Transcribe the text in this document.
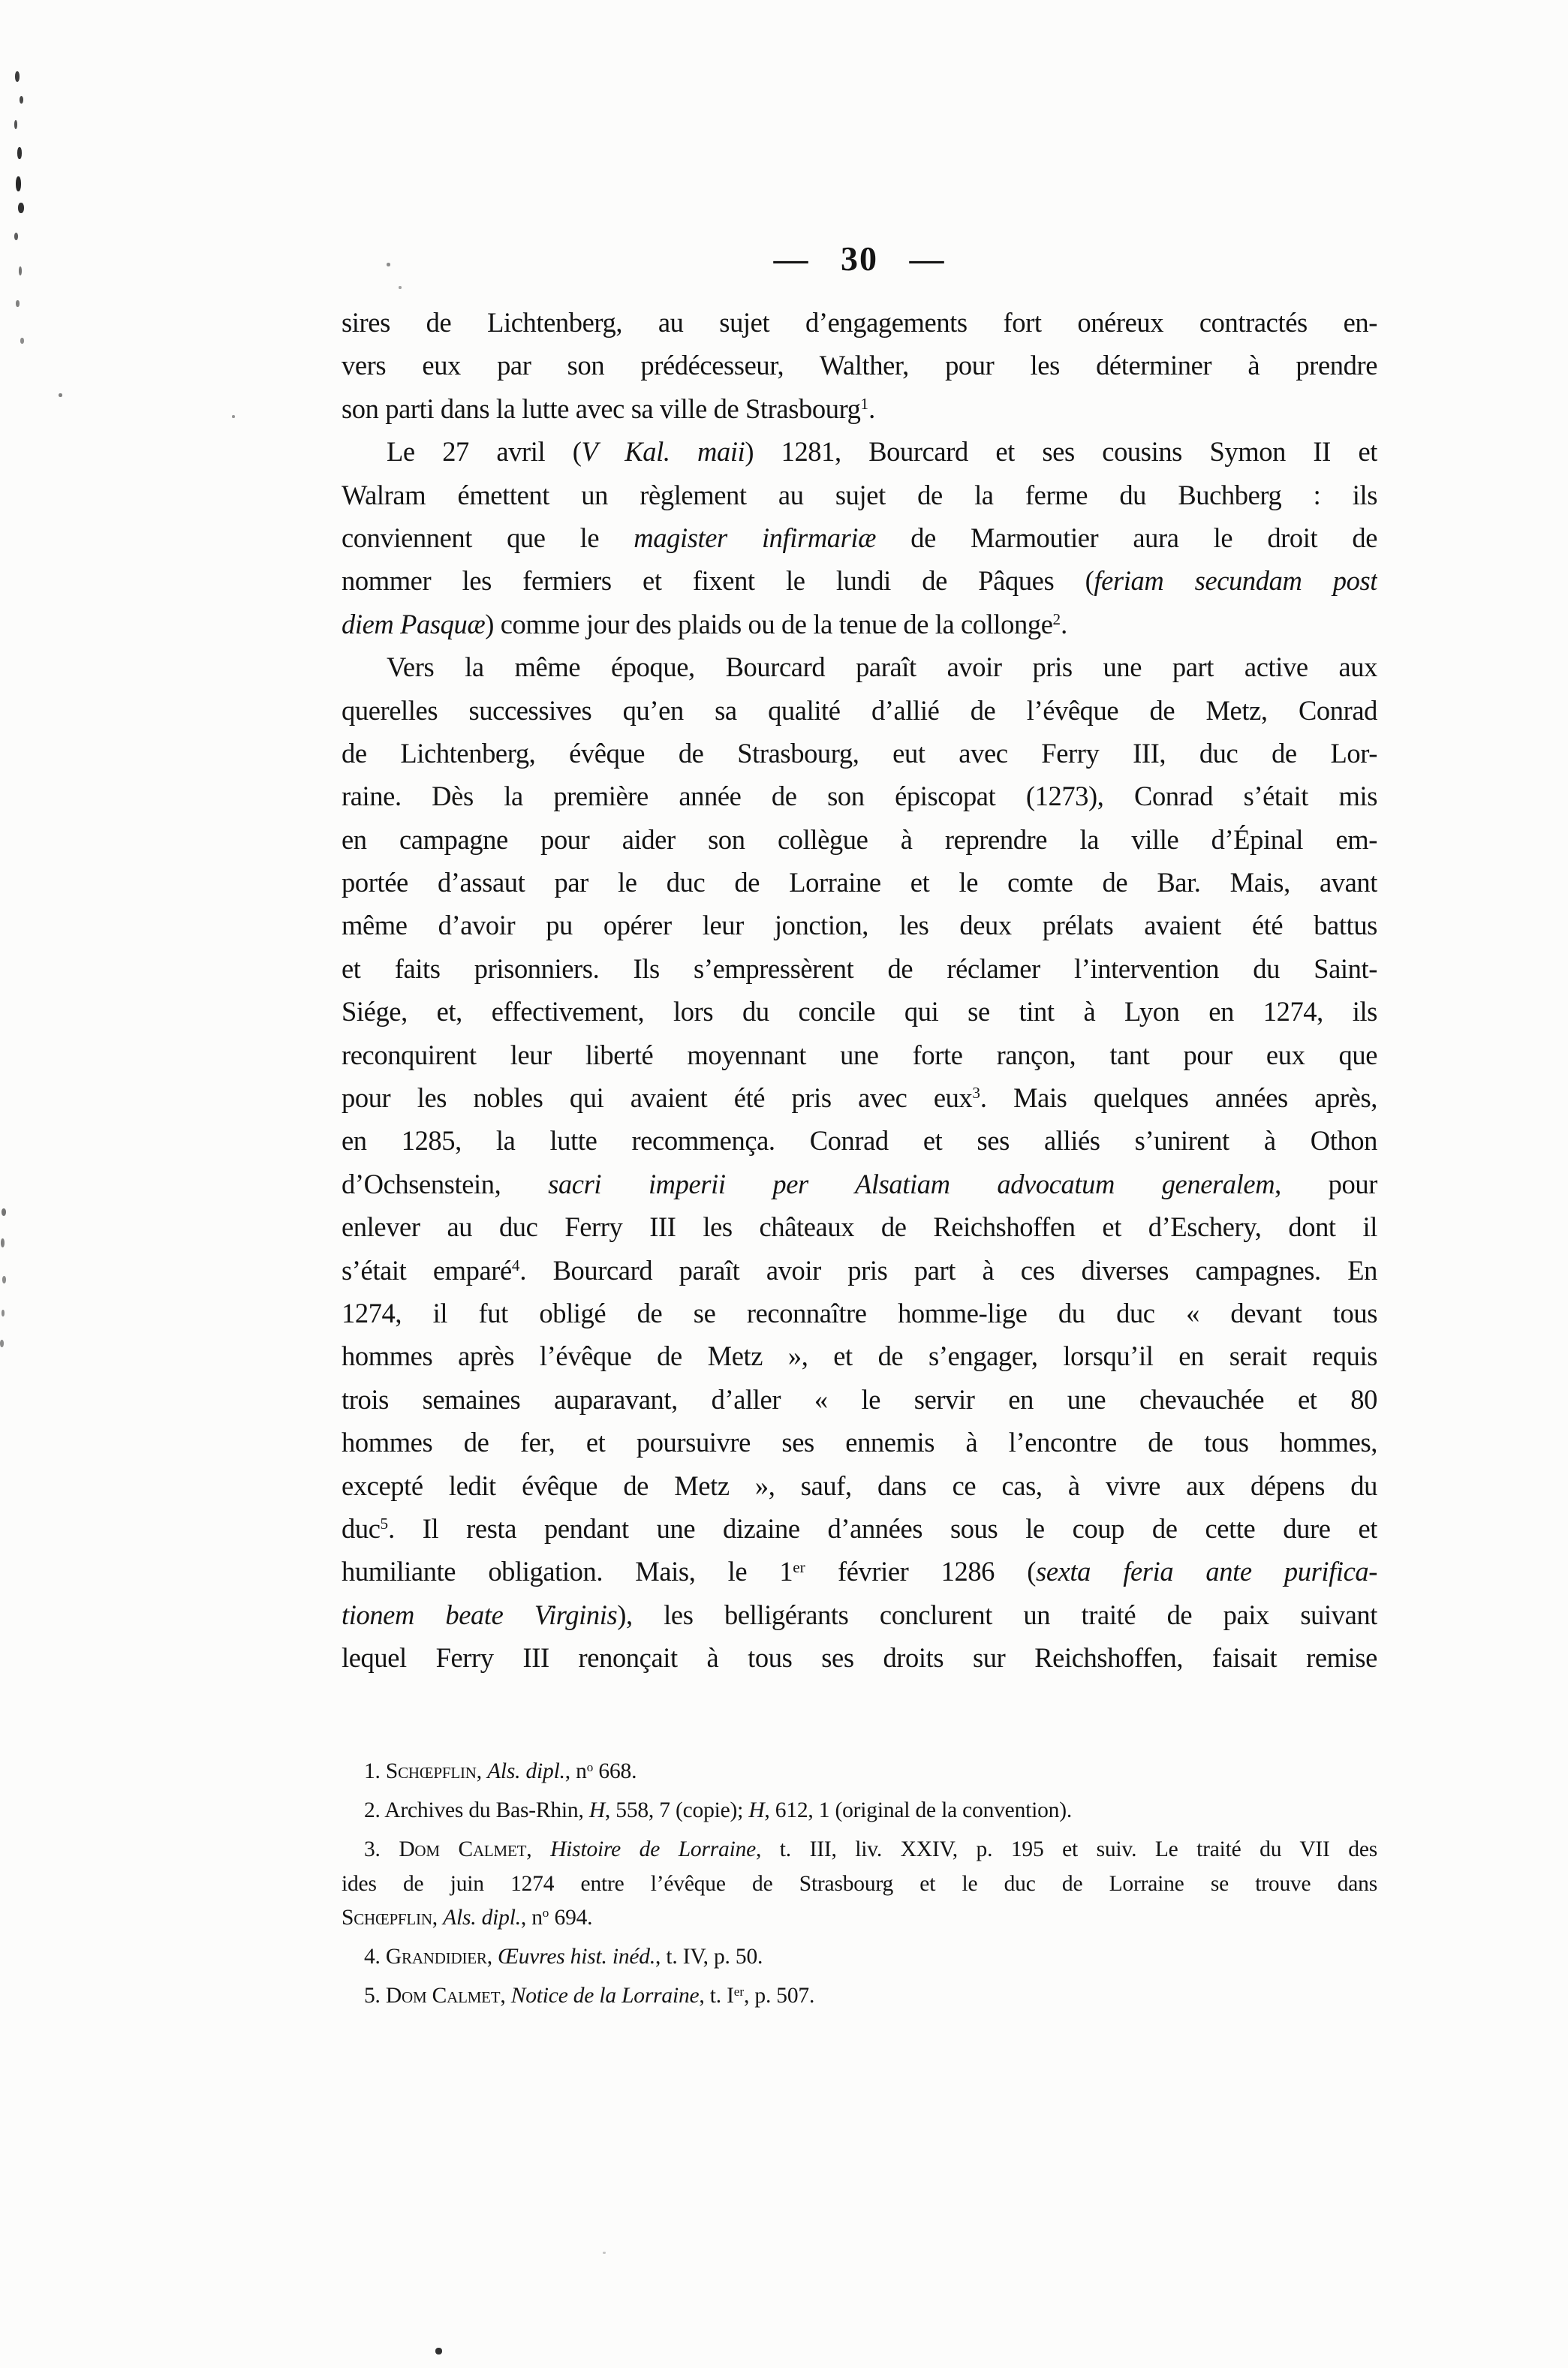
— 30 —
sires de Lichtenberg, au sujet d’engagements fort onéreux contractés en-
vers eux par son prédécesseur, Walther, pour les déterminer à prendre
son parti dans la lutte avec sa ville de Strasbourg$^1$.
Le 27 avril (V Kal. maii) 1281, Bourcard et ses cousins Symon II et
Walram émettent un règlement au sujet de la ferme du Buchberg : ils
conviennent que le magister infirmariæ de Marmoutier aura le droit de
nommer les fermiers et fixent le lundi de Pâques (feriam secundam post
diem Pasquæ) comme jour des plaids ou de la tenue de la collonge$^2$.
Vers la même époque, Bourcard paraît avoir pris une part active aux
querelles successives qu’en sa qualité d’allié de l’évêque de Metz, Conrad
de Lichtenberg, évêque de Strasbourg, eut avec Ferry III, duc de Lor-
raine. Dès la première année de son épiscopat (1273), Conrad s’était mis
en campagne pour aider son collègue à reprendre la ville d’Épinal em-
portée d’assaut par le duc de Lorraine et le comte de Bar. Mais, avant
même d’avoir pu opérer leur jonction, les deux prélats avaient été battus
et faits prisonniers. Ils s’empressèrent de réclamer l’intervention du Saint-
Siége, et, effectivement, lors du concile qui se tint à Lyon en 1274, ils
reconquirent leur liberté moyennant une forte rançon, tant pour eux que
pour les nobles qui avaient été pris avec eux$^3$. Mais quelques années après,
en 1285, la lutte recommença. Conrad et ses alliés s’unirent à Othon
d’Ochsenstein, sacri imperii per Alsatiam advocatum generalem, pour
enlever au duc Ferry III les châteaux de Reichshoffen et d’Eschery, dont il
s’était emparé$^4$. Bourcard paraît avoir pris part à ces diverses campagnes. En
1274, il fut obligé de se reconnaître homme-lige du duc « devant tous
hommes après l’évêque de Metz », et de s’engager, lorsqu’il en serait requis
trois semaines auparavant, d’aller « le servir en une chevauchée et 80
hommes de fer, et poursuivre ses ennemis à l’encontre de tous hommes,
excepté ledit évêque de Metz », sauf, dans ce cas, à vivre aux dépens du
duc$^5$. Il resta pendant une dizaine d’années sous le coup de cette dure et
humiliante obligation. Mais, le 1er février 1286 (sexta feria ante purifica-
tionem beate Virginis), les belligérants conclurent un traité de paix suivant
lequel Ferry III renonçait à tous ses droits sur Reichshoffen, faisait remise
1. Schœpflin, Als. dipl., $n^o$ 668.
2. Archives du Bas-Rhin, H, 558, 7 (copie); H, 612, 1 (original de la convention).
3. Dom Calmet, Histoire de Lorraine, t. III, liv. XXIV, p. 195 et suiv. Le traité du VII des
ides de juin 1274 entre l’évêque de Strasbourg et le duc de Lorraine se trouve dans
Schœpflin, Als. dipl., $n^o$ 694.
4. Grandidier, Œuvres hist. inéd., t. IV, p. 50.
5. Dom Calmet, Notice de la Lorraine, t. Ier, p. 507.
